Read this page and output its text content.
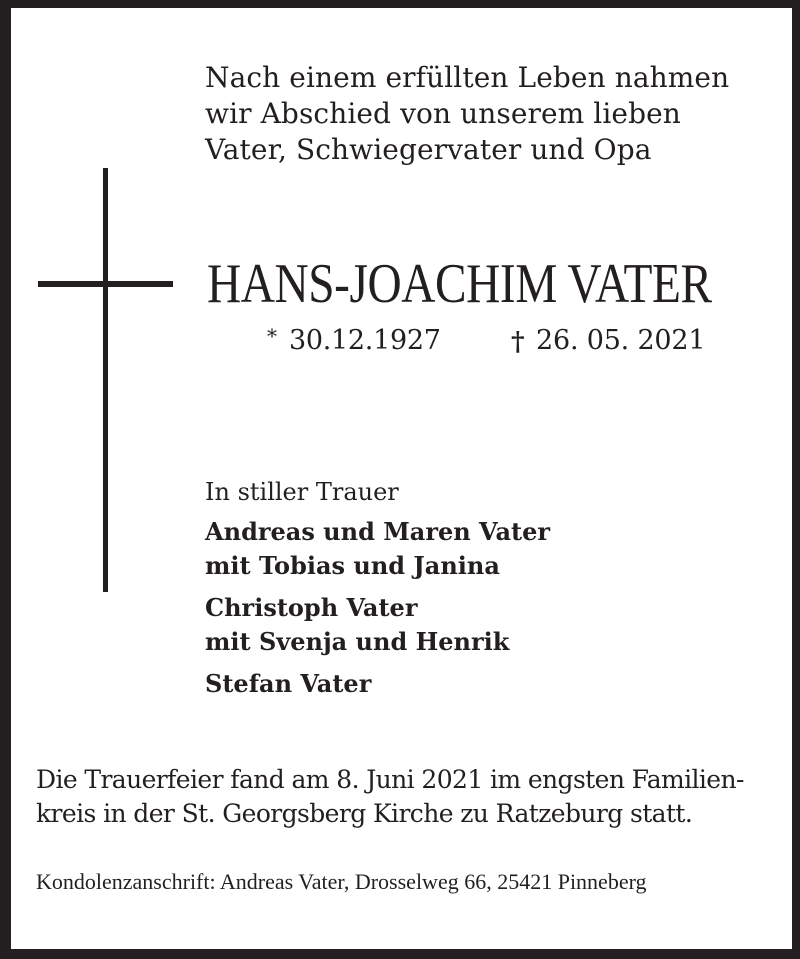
Nach einem erfüllten Leben nahmen
wir Abschied von unserem lieben
Vater, Schwiegervater und Opa
HANS-JOACHIM VATER
* 30.12.1927	† 26. 05. 2021
In stiller Trauer
Andreas und Maren Vater
mit Tobias und Janina
Christoph Vater
mit Svenja und Henrik
Stefan Vater
Die Trauerfeier fand am 8. Juni 2021 im engsten Familien-
kreis in der St. Georgsberg Kirche zu Ratzeburg statt.
Kondolenzanschrift: Andreas Vater, Drosselweg 66, 25421 Pinneberg
